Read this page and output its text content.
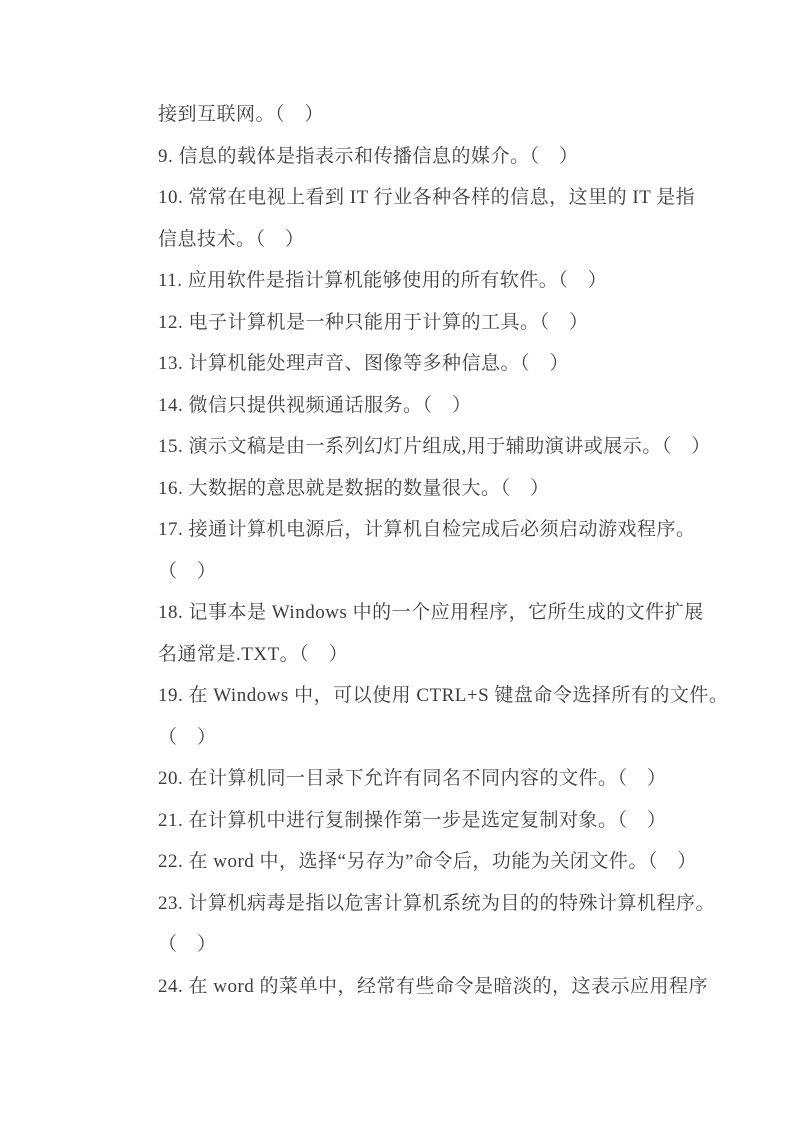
接到互联网。（　）
9. 信息的载体是指表示和传播信息的媒介。（　）
10. 常常在电视上看到 IT 行业各种各样的信息，这里的 IT 是指
信息技术。（　）
11. 应用软件是指计算机能够使用的所有软件。（　）
12. 电子计算机是一种只能用于计算的工具。（　）
13. 计算机能处理声音、图像等多种信息。（　）
14. 微信只提供视频通话服务。（　）
15. 演示文稿是由一系列幻灯片组成,用于辅助演讲或展示。（　）
16. 大数据的意思就是数据的数量很大。（　）
17. 接通计算机电源后，计算机自检完成后必须启动游戏程序。
（　）
18. 记事本是 Windows 中的一个应用程序，它所生成的文件扩展
名通常是.TXT。（　）
19. 在 Windows 中，可以使用 CTRL+S 键盘命令选择所有的文件。
（　）
20. 在计算机同一目录下允许有同名不同内容的文件。（　）
21. 在计算机中进行复制操作第一步是选定复制对象。（　）
22. 在 word 中，选择“另存为”命令后，功能为关闭文件。（　）
23. 计算机病毒是指以危害计算机系统为目的的特殊计算机程序。
（　）
24. 在 word 的菜单中，经常有些命令是暗淡的，这表示应用程序
